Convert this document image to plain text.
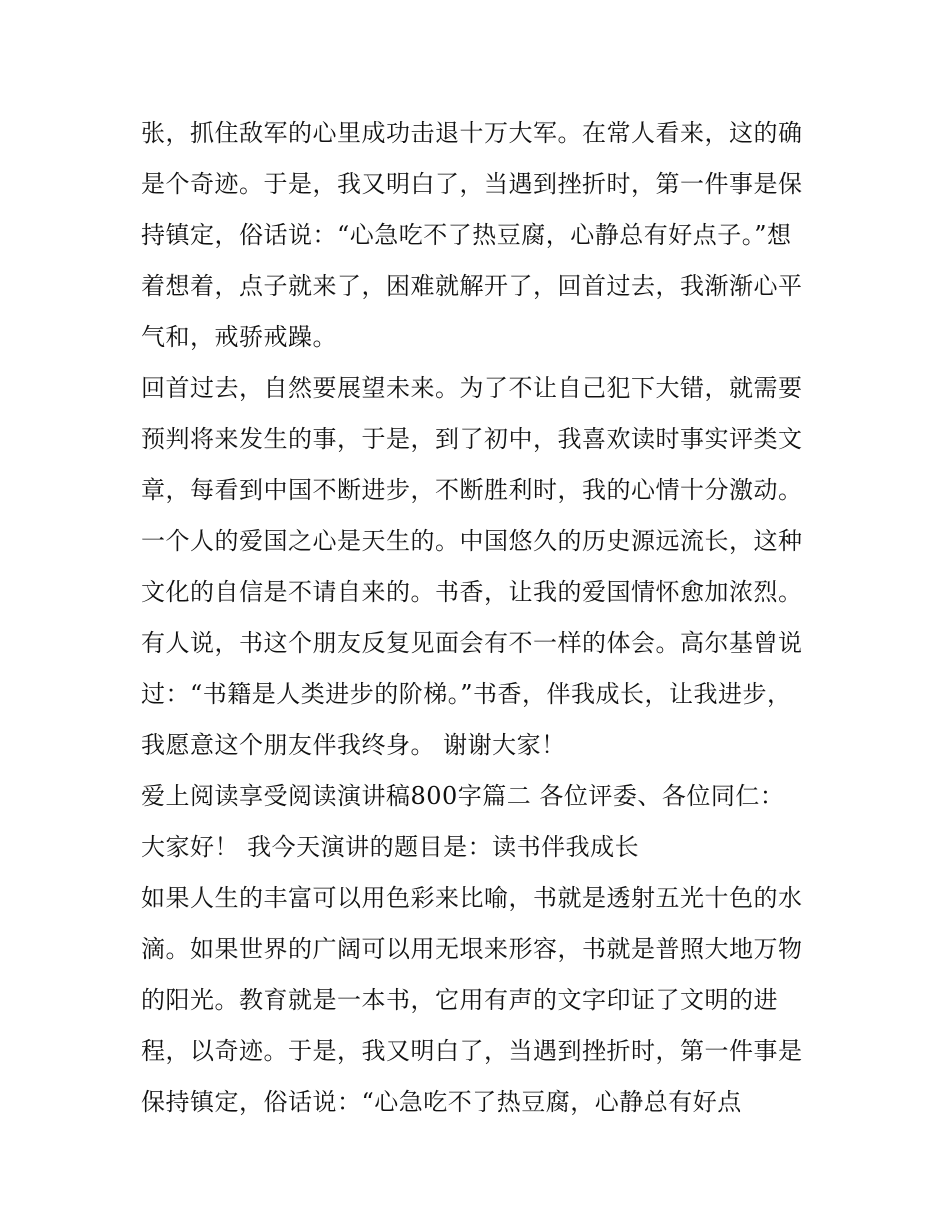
张，抓住敌军的心里成功击退十万大军。在常人看来，这的确
是个奇迹。于是，我又明白了，当遇到挫折时，第一件事是保
持镇定，俗话说：“心急吃不了热豆腐，心静总有好点子。”想
着想着，点子就来了，困难就解开了，回首过去，我渐渐心平
气和，戒骄戒躁。
回首过去，自然要展望未来。为了不让自己犯下大错，就需要
预判将来发生的事，于是，到了初中，我喜欢读时事实评类文
章，每看到中国不断进步，不断胜利时，我的心情十分激动。
一个人的爱国之心是天生的。中国悠久的历史源远流长，这种
文化的自信是不请自来的。书香，让我的爱国情怀愈加浓烈。
有人说，书这个朋友反复见面会有不一样的体会。高尔基曾说
过：“书籍是人类进步的阶梯。”书香，伴我成长，让我进步，
我愿意这个朋友伴我终身。 谢谢大家！
爱上阅读享受阅读演讲稿800字篇二 各位评委、各位同仁：
大家好！ 我今天演讲的题目是：读书伴我成长
如果人生的丰富可以用色彩来比喻，书就是透射五光十色的水
滴。如果世界的广阔可以用无垠来形容，书就是普照大地万物
的阳光。教育就是一本书，它用有声的文字印证了文明的进
程，以奇迹。于是，我又明白了，当遇到挫折时，第一件事是
保持镇定，俗话说：“心急吃不了热豆腐，心静总有好点
